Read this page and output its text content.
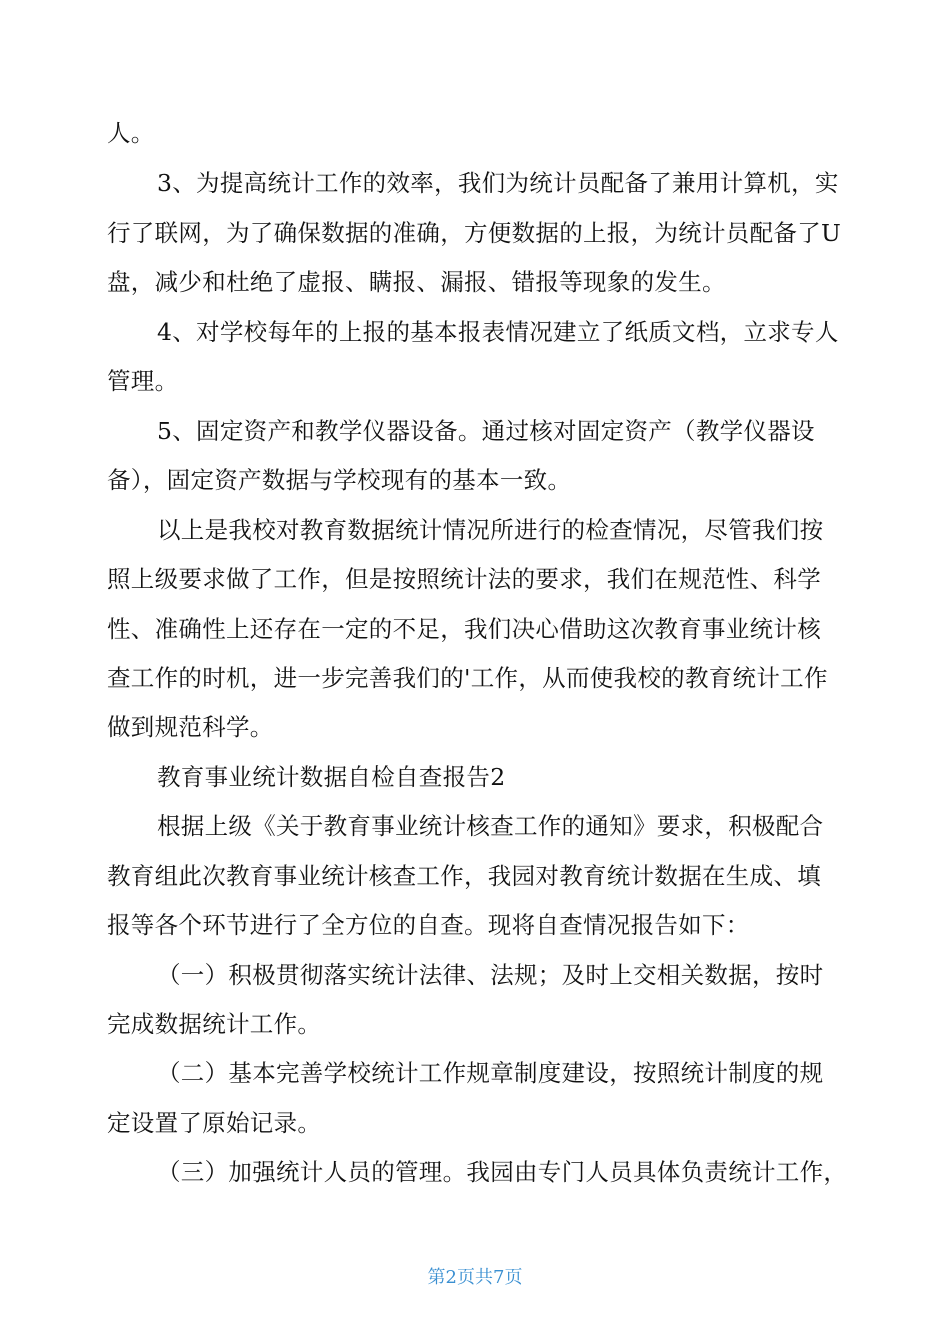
人。
3、为提高统计工作的效率，我们为统计员配备了兼用计算机，实
行了联网，为了确保数据的准确，方便数据的上报，为统计员配备了U
盘，减少和杜绝了虚报、瞒报、漏报、错报等现象的发生。
4、对学校每年的上报的基本报表情况建立了纸质文档，立求专人
管理。
5、固定资产和教学仪器设备。通过核对固定资产（教学仪器设
备），固定资产数据与学校现有的基本一致。
以上是我校对教育数据统计情况所进行的检查情况，尽管我们按
照上级要求做了工作，但是按照统计法的要求，我们在规范性、科学
性、准确性上还存在一定的不足，我们决心借助这次教育事业统计核
查工作的时机，进一步完善我们的'工作，从而使我校的教育统计工作
做到规范科学。
教育事业统计数据自检自查报告2
根据上级《关于教育事业统计核查工作的通知》要求，积极配合
教育组此次教育事业统计核查工作，我园对教育统计数据在生成、填
报等各个环节进行了全方位的自查。现将自查情况报告如下：
（一）积极贯彻落实统计法律、法规；及时上交相关数据，按时
完成数据统计工作。
（二）基本完善学校统计工作规章制度建设，按照统计制度的规
定设置了原始记录。
（三）加强统计人员的管理。我园由专门人员具体负责统计工作，
第2页共7页
